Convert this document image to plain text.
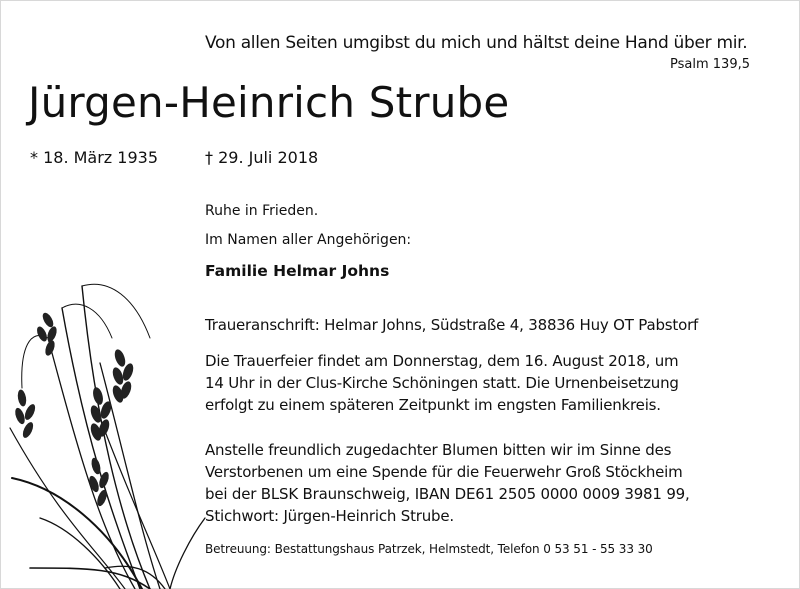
Von allen Seiten umgibst du mich und hältst deine Hand über mir.
Psalm 139,5
Jürgen-Heinrich Strube
* 18. März 1935	† 29. Juli 2018
Ruhe in Frieden.
Im Namen aller Angehörigen:
Familie Helmar Johns
Traueranschrift: Helmar Johns, Südstraße 4, 38836 Huy OT Pabstorf
Die Trauerfeier findet am Donnerstag, dem 16. August 2018, um
14 Uhr in der Clus-Kirche Schöningen statt. Die Urnenbeisetzung
erfolgt zu einem späteren Zeitpunkt im engsten Familienkreis.
Anstelle freundlich zugedachter Blumen bitten wir im Sinne des
Verstorbenen um eine Spende für die Feuerwehr Groß Stöckheim
bei der BLSK Braunschweig, IBAN DE61 2505 0000 0009 3981 99,
Stichwort: Jürgen-Heinrich Strube.
Betreuung: Bestattungshaus Patrzek, Helmstedt, Telefon 0 53 51 - 55 33 30
